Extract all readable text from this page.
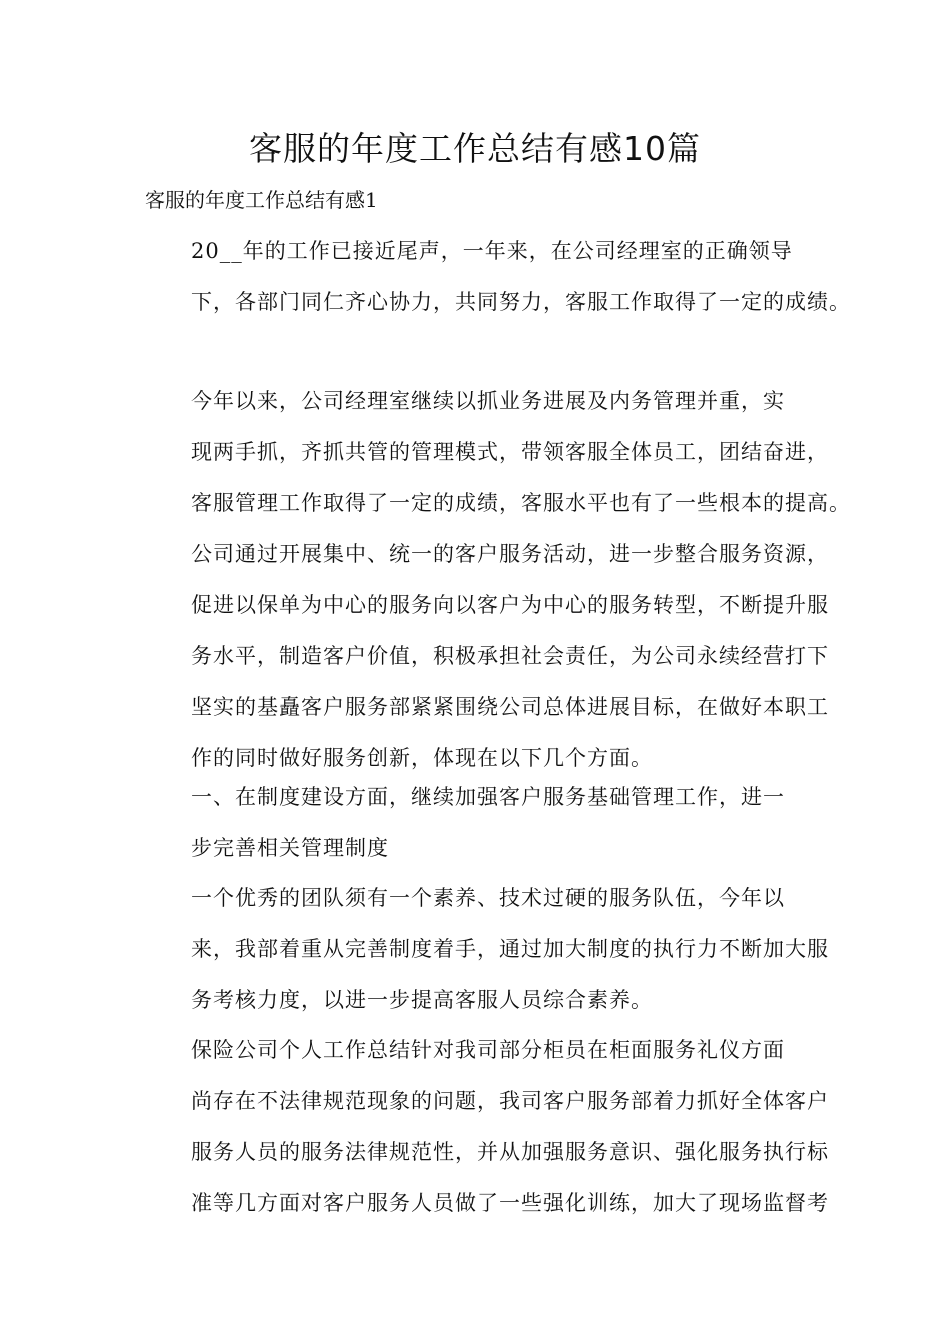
客服的年度工作总结有感10篇

客服的年度工作总结有感1

20__年的工作已接近尾声，一年来，在公司经理室的正确领导
下，各部门同仁齐心协力，共同努力，客服工作取得了一定的成绩。

今年以来，公司经理室继续以抓业务进展及内务管理并重，实
现两手抓，齐抓共管的管理模式，带领客服全体员工，团结奋进，
客服管理工作取得了一定的成绩，客服水平也有了一些根本的提高。
公司通过开展集中、统一的客户服务活动，进一步整合服务资源，
促进以保单为中心的服务向以客户为中心的服务转型，不断提升服
务水平，制造客户价值，积极承担社会责任，为公司永续经营打下
坚实的基矗客户服务部紧紧围绕公司总体进展目标，在做好本职工
作的同时做好服务创新，体现在以下几个方面。

一、在制度建设方面，继续加强客户服务基础管理工作，进一
步完善相关管理制度

一个优秀的团队须有一个素养、技术过硬的服务队伍，今年以
来，我部着重从完善制度着手，通过加大制度的执行力不断加大服
务考核力度，以进一步提高客服人员综合素养。

保险公司个人工作总结针对我司部分柜员在柜面服务礼仪方面
尚存在不法律规范现象的问题，我司客户服务部着力抓好全体客户
服务人员的服务法律规范性，并从加强服务意识、强化服务执行标
准等几方面对客户服务人员做了一些强化训练，加大了现场监督考
